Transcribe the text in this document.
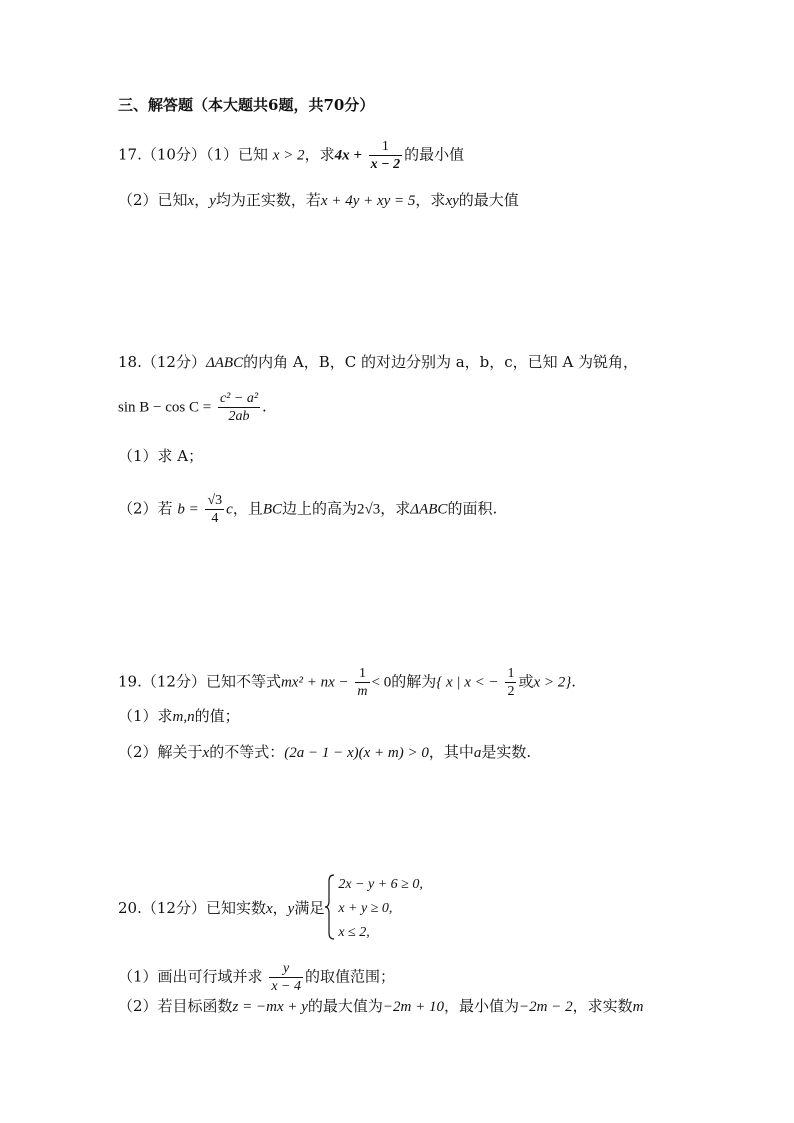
三、解答题（本大题共6题，共70分）
17.（10分）（1）已知 x > 2，求$4x + \frac{1}{x - 2}$ 的最小值
（2）已知x，y均为正实数，若x + 4y + xy = 5，求xy的最大值
18.（12分）ΔABC的内角 A，B，C 的对边分别为 a，b，c，已知 A 为锐角，
$\sin B - \cos C = \frac{\text{c² − a²}}{2ab}$ .
（1）求 A；
（2）若 $b = \frac{√3}{4}$ c，且BC边上的高为2√3，求ΔABC的面积.
19.（12分）已知不等式mx² + nx − $\frac{1}{m} < 0$的解为{ x | x < − $\frac{1}{2}$ 或x > 2}.
（1）求m,n的值；
（2）解关于x的不等式：(2a − 1 − x)(x + m) > 0，其中a是实数.
20.（12分）已知实数x，y满足
2x − y + 6 ≥ 0,
x + y ≥ 0,
x ≤ 2,
（1）画出可行域并求 $\frac{y}{x - 4}$ 的取值范围；
（2）若目标函数z = −mx + y的最大值为−2m + 10，最小值为−2m − 2，求实数m
